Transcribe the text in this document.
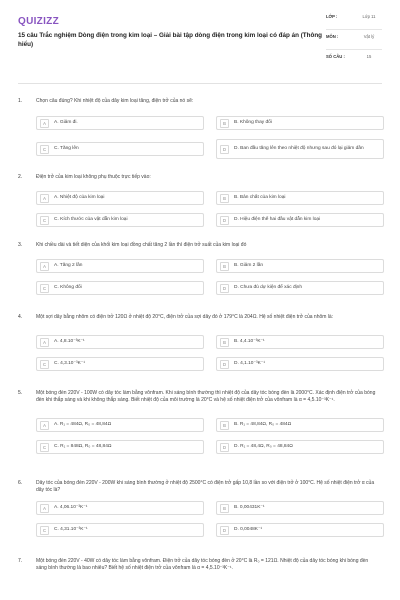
QUIZIZZ
15 câu Trắc nghiệm Dòng điện trong kim loại – Giải bài tập dòng điện trong kim loại có đáp án (Thông hiểu)
LỚP :	Lớp 11
MÔN :	Vật lý
SỐ CÂU :	15
1.	Chọn câu đúng? Khi nhiệt độ của dây kim loại tăng, điện trở của nó sẽ:
A	A. Giảm đi.	B	B. Không thay đổi
C	C. Tăng lên	D	D. Ban đầu tăng lên theo nhiệt độ nhưng sau đó lại giảm dần
2.	Điện trở của kim loại không phụ thuộc trực tiếp vào:
A	A. Nhiệt độ của kim loại	B	B. Bản chất của kim loại
C	C. Kích thước của vật dẫn kim loại	D	D. Hiệu điện thế hai đầu vật dẫn kim loại
3.	Khi chiều dài và tiết diện của khối kim loại đồng chất tăng 2 lần thì điện trở suất của kim loại đó
A	A. Tăng 2 lần	B	B. Giảm 2 lần
C	C. Không đổi	D	D. Chưa đủ dự kiện để xác định
4.	Một sợi dây bằng nhôm có điện trở 120Ω ở nhiệt độ 20°C, điện trở của sợi dây đó ở 179°C là 204Ω. Hệ số nhiệt điện trở của nhôm là:
A	A. 4,8.10⁻³K⁻¹	B	B. 4,4.10⁻³K⁻¹
C	C. 4,3.10⁻³K⁻¹	D	D. 4,1.10⁻³K⁻¹
5.	Một bóng đèn 220V - 100W có dây tóc làm bằng vônfram. Khi sáng bình thường thì nhiệt độ của dây tóc bóng đèn là 2000°C. Xác định điện trở của bóng đèn khi thắp sáng và khi không thắp sáng. Biết nhiệt độ của môi trường là 20°C và hệ số nhiệt điện trở của vônfram là α = 4,5.10⁻³K⁻¹.
A	A. R₁ = 484Ω, R₀ = 48,84Ω	B	B. R₁ = 48,84Ω, R₀ = 484Ω
C	C. R₁ = 848Ω, R₀ = 48,84Ω	D	D. R₁ = 48,4Ω, R₀ = 48,84Ω
6.	Dây tóc của bóng đèn 220V - 200W khi sáng bình thường ở nhiệt độ 2500°C có điện trở gấp 10,8 lần so với điện trở ở 100°C. Hệ số nhiệt điện trở α của dây tóc là?
A	A. 4,06.10⁻³K⁻¹	B	B. 0,00431K⁻¹
C	C. 4,31.10⁻³K⁻¹	D	D. 0,0048K⁻¹
7.	Một bóng đèn 220V - 40W có dây tóc làm bằng vônfram. Điện trở của dây tóc bóng đèn ở 20°C là R₀ = 121Ω. Nhiệt độ của dây tóc bóng khi bóng đèn sáng bình thường là bao nhiêu? Biết hệ số nhiệt điện trở của vônfram là α = 4,5.10⁻³K⁻¹.
